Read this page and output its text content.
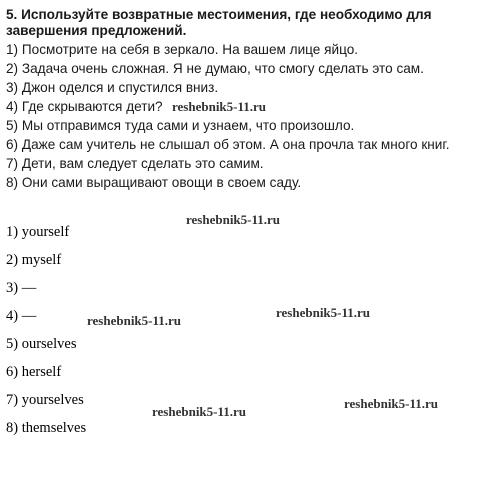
5. Используйте возвратные местоимения, где необходимо для завершения предложений.

1) Посмотрите на себя в зеркало. На вашем лице яйцо.
2) Задача очень сложная. Я не думаю, что смогу сделать это сам.
3) Джон оделся и спустился вниз.
4) Где скрываются дети?
5) Мы отправимся туда сами и узнаем, что произошло.
6) Даже сам учитель не слышал об этом. А она прочла так много книг.
7) Дети, вам следует сделать это самим.
8) Они сами выращивают овощи в своем саду.
1) yourself
2) myself
3) —
4) —
5) ourselves
6) herself
7) yourselves
8) themselves
reshebnik5-11.ru
reshebnik5-11.ru
reshebnik5-11.ru
reshebnik5-11.ru
reshebnik5-11.ru
reshebnik5-11.ru
